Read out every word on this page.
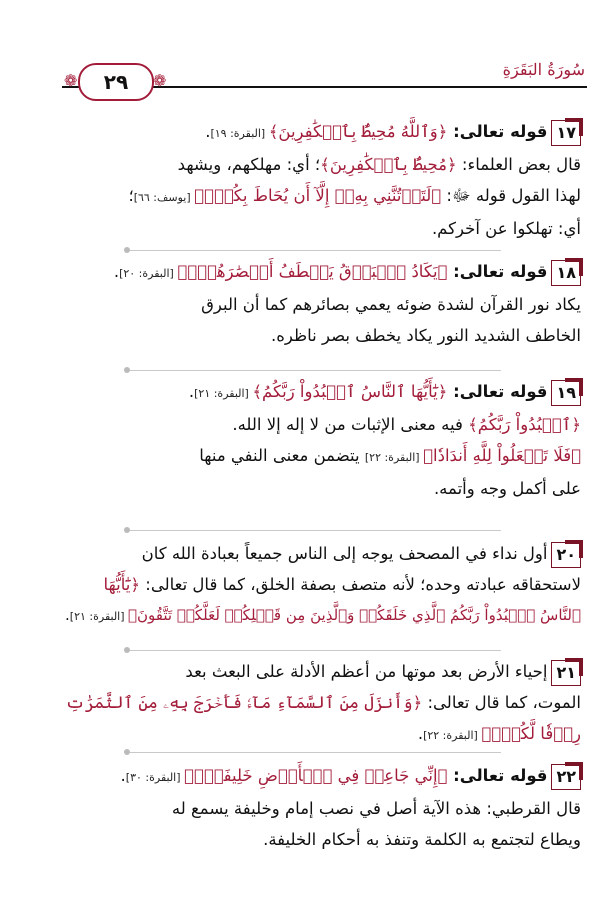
❁	٢٩	❁
سُورَةُ البَقَرَةِ
١٧قوله تعالى: ﴿وَٱللَّهُ مُحِيطٌۢ بِٱلۡكَٰفِرِينَ﴾ [البقرة: ١٩].
قال بعض العلماء: ﴿مُحِيطٌۢ بِٱلۡكَٰفِرِينَ﴾؛ أي: مهلكهم، ويشهد
لهذا القول قوله ﷻ: ﴿لَتَأۡتُنَّنِي بِهِۦٓ إِلَّآ أَن يُحَاطَ بِكُمۡۖ﴾ [يوسف: ٦٦]؛
أي: تهلكوا عن آخركم.
١٨قوله تعالى: ﴿يَكَادُ ٱلۡبَرۡقُ يَخۡطَفُ أَبۡصَٰرَهُمۡۖ﴾ [البقرة: ٢٠].
يكاد نور القرآن لشدة ضوئه يعمي بصائرهم كما أن البرق
الخاطف الشديد النور يكاد يخطف بصر ناظره.
١٩قوله تعالى: ﴿يَٰٓأَيُّهَا ٱلنَّاسُ ٱعۡبُدُواْ رَبَّكُمُ﴾ [البقرة: ٢١].
﴿ٱعۡبُدُواْ رَبَّكُمُ﴾ فيه معنى الإثبات من لا إله إلا الله.
﴿فَلَا تَجۡعَلُواْ لِلَّهِ أَندَادٗا﴾ [البقرة: ٢٢] يتضمن معنى النفي منها
على أكمل وجه وأتمه.
٢٠أول نداء في المصحف يوجه إلى الناس جميعاً بعبادة الله كان
لاستحقاقه عبادته وحده؛ لأنه متصف بصفة الخلق، كما قال تعالى: ﴿يَٰٓأَيُّهَا
ٱلنَّاسُ ٱعۡبُدُواْ رَبَّكُمُ ٱلَّذِي خَلَقَكُمۡ وَٱلَّذِينَ مِن قَبۡلِكُمۡ لَعَلَّكُمۡ تَتَّقُونَ﴾ [البقرة: ٢١].
٢١إحياء الأرض بعد موتها من أعظم الأدلة على البعث بعد
الموت، كما قال تعالى: ﴿وَأَنزَلَ مِنَ ٱلسَّمَآءِ مَآءٗ فَأَخۡرَجَ بِهِۦ مِنَ ٱلثَّمَرَٰتِ
رِزۡقٗا لَّكُمۡۖ﴾ [البقرة: ٢٢].
٢٢قوله تعالى: ﴿إِنِّي جَاعِلٞ فِي ٱلۡأَرۡضِ خَلِيفَةٗۖ﴾ [البقرة: ٣٠].
قال القرطبي: هذه الآية أصل في نصب إمام وخليفة يسمع له
ويطاع لتجتمع به الكلمة وتنفذ به أحكام الخليفة.
